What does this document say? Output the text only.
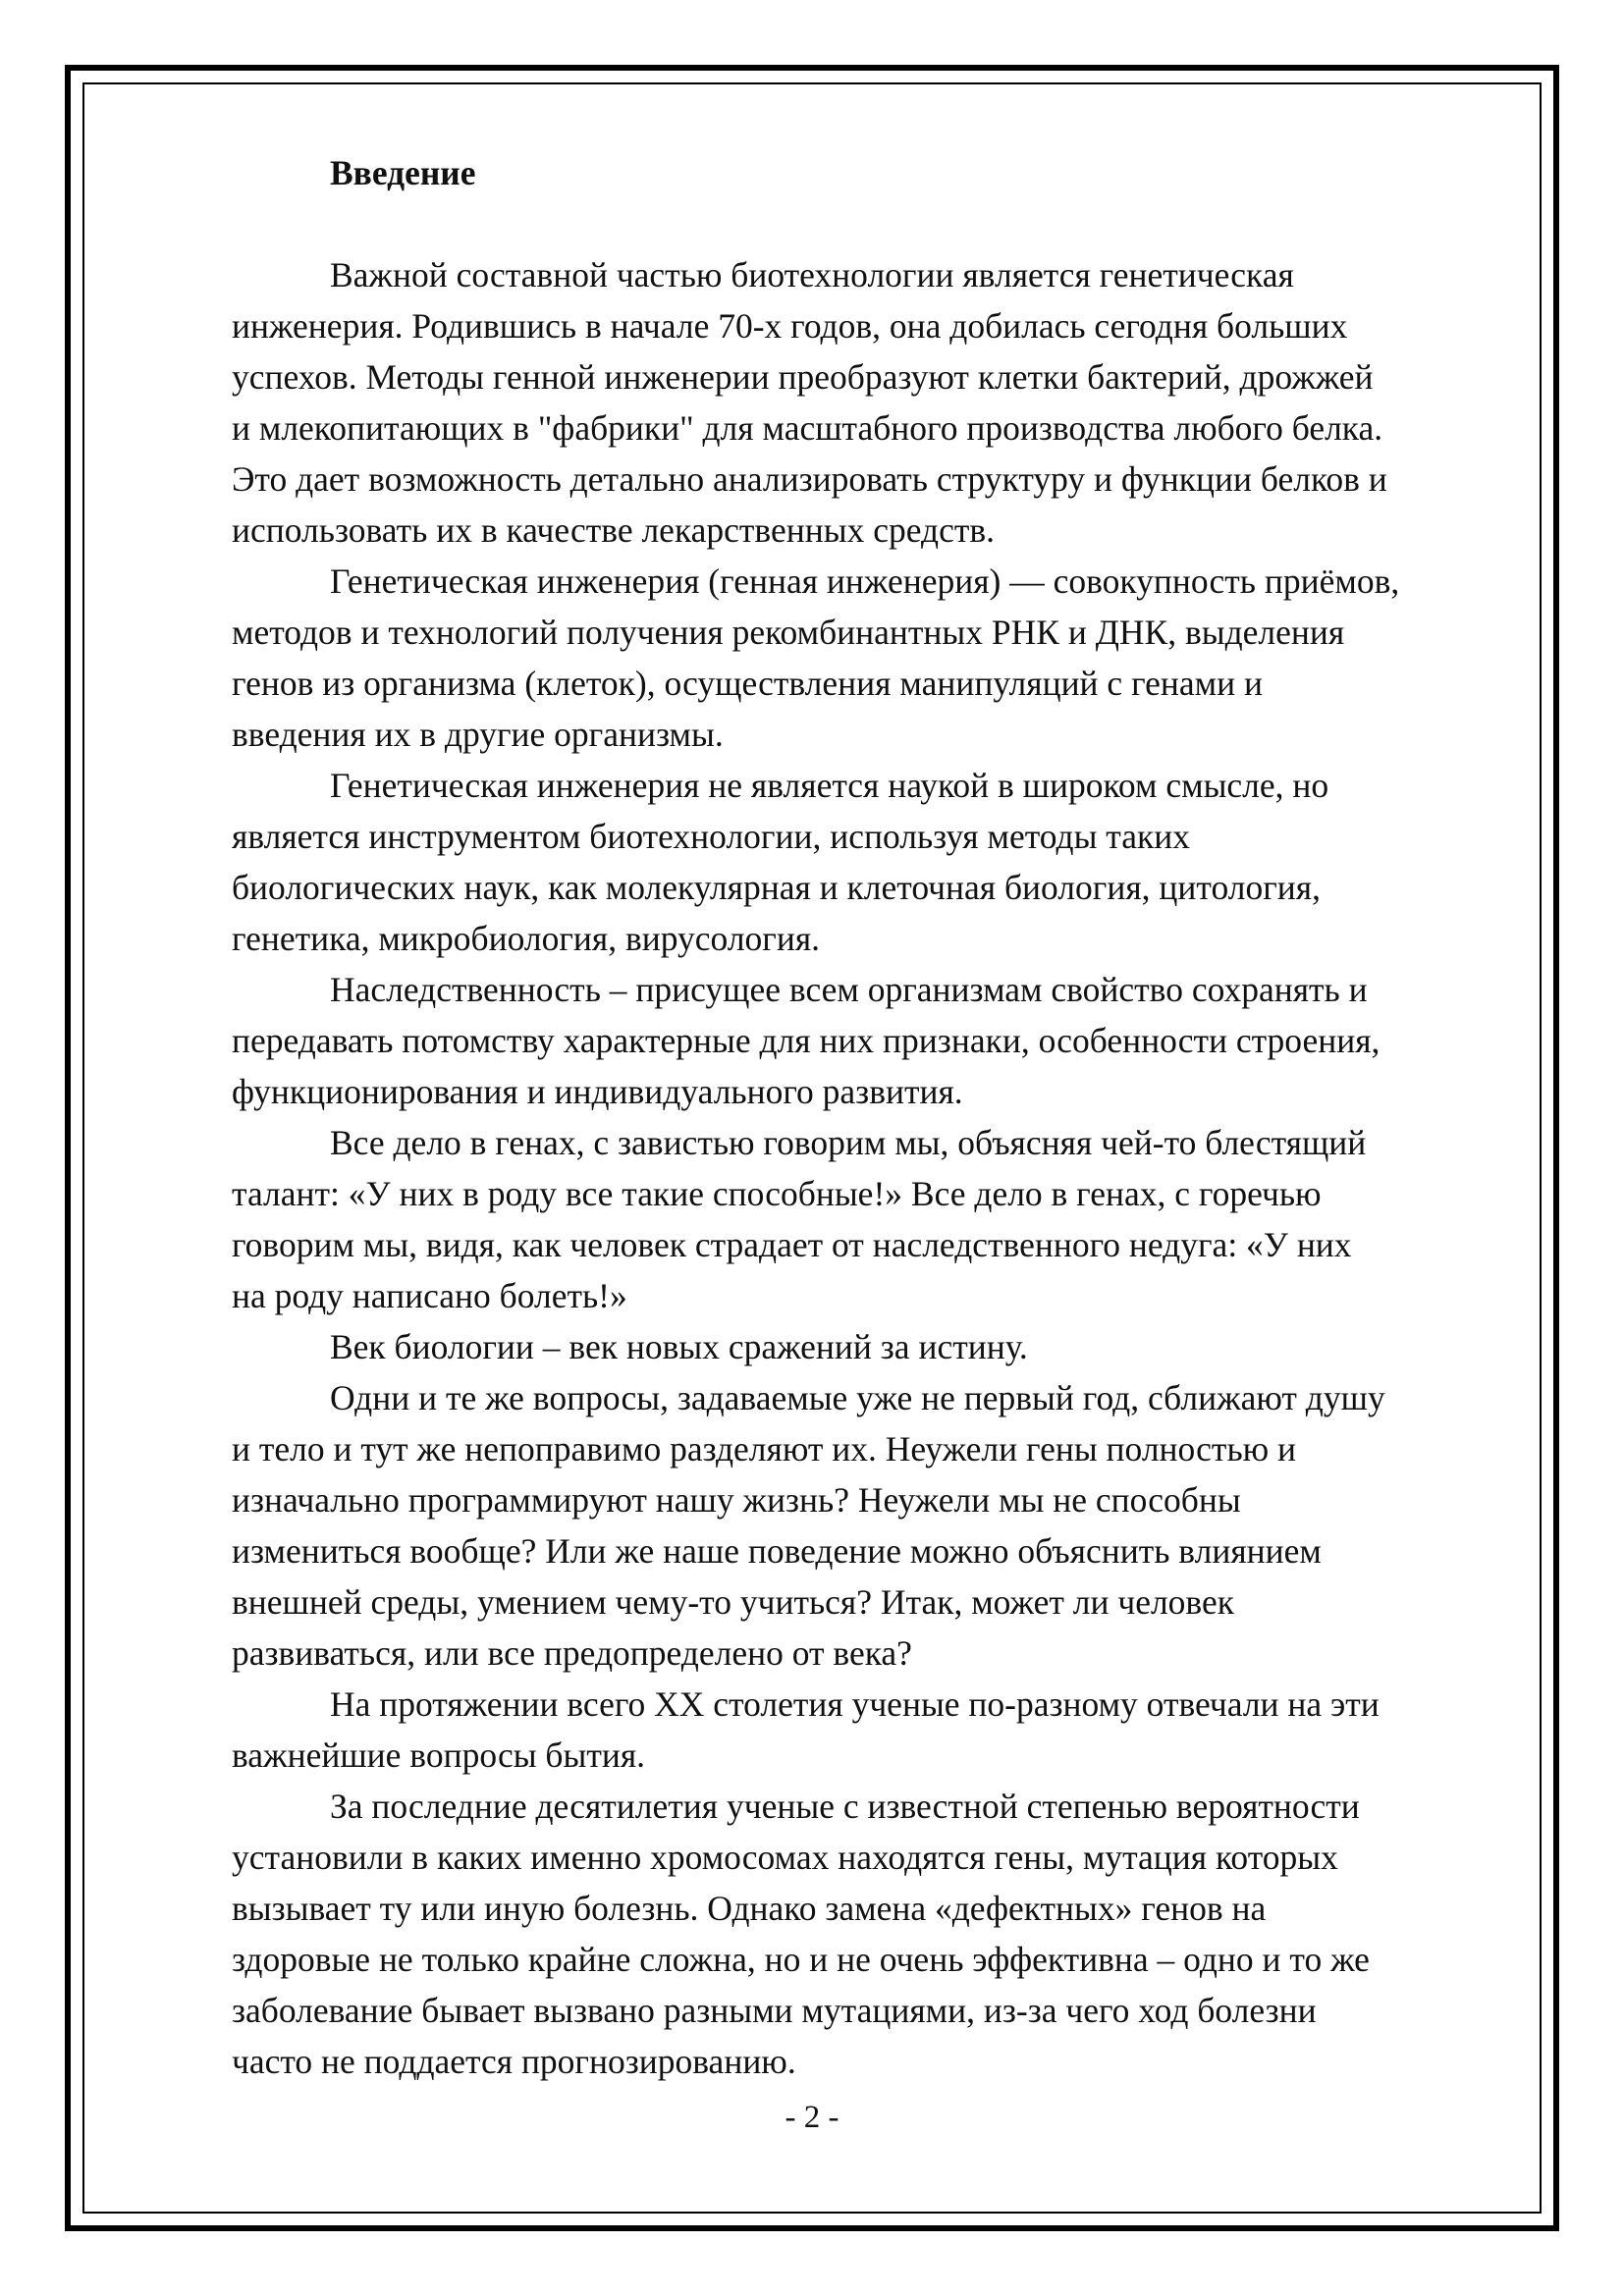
Введение

Важной составной частью биотехнологии является генетическая
инженерия. Родившись в начале 70-х годов, она добилась сегодня больших
успехов. Методы генной инженерии преобразуют клетки бактерий, дрожжей
и млекопитающих в "фабрики" для масштабного производства любого белка.
Это дает возможность детально анализировать структуру и функции белков и
использовать их в качестве лекарственных средств.

Генетическая инженерия (генная инженерия) — совокупность приёмов,
методов и технологий получения рекомбинантных РНК и ДНК, выделения
генов из организма (клеток), осуществления манипуляций с генами и
введения их в другие организмы.

Генетическая инженерия не является наукой в широком смысле, но
является инструментом биотехнологии, используя методы таких
биологических наук, как молекулярная и клеточная биология, цитология,
генетика, микробиология, вирусология.

Наследственность – присущее всем организмам свойство сохранять и
передавать потомству характерные для них признаки, особенности строения,
функционирования и индивидуального развития.

Все дело в генах, с завистью говорим мы, объясняя чей-то блестящий
талант: «У них в роду все такие способные!» Все дело в генах, с горечью
говорим мы, видя, как человек страдает от наследственного недуга: «У них
на роду написано болеть!»

Век биологии – век новых сражений за истину.

Одни и те же вопросы, задаваемые уже не первый год, сближают душу
и тело и тут же непоправимо разделяют их. Неужели гены полностью и
изначально программируют нашу жизнь? Неужели мы не способны
измениться вообще? Или же наше поведение можно объяснить влиянием
внешней среды, умением чему-то учиться? Итак, может ли человек
развиваться, или все предопределено от века?

На протяжении всего XX столетия ученые по-разному отвечали на эти
важнейшие вопросы бытия.

За последние десятилетия ученые с известной степенью вероятности
установили в каких именно хромосомах находятся гены, мутация которых
вызывает ту или иную болезнь. Однако замена «дефектных» генов на
здоровые не только крайне сложна, но и не очень эффективна – одно и то же
заболевание бывает вызвано разными мутациями, из-за чего ход болезни
часто не поддается прогнозированию.

- 2 -
